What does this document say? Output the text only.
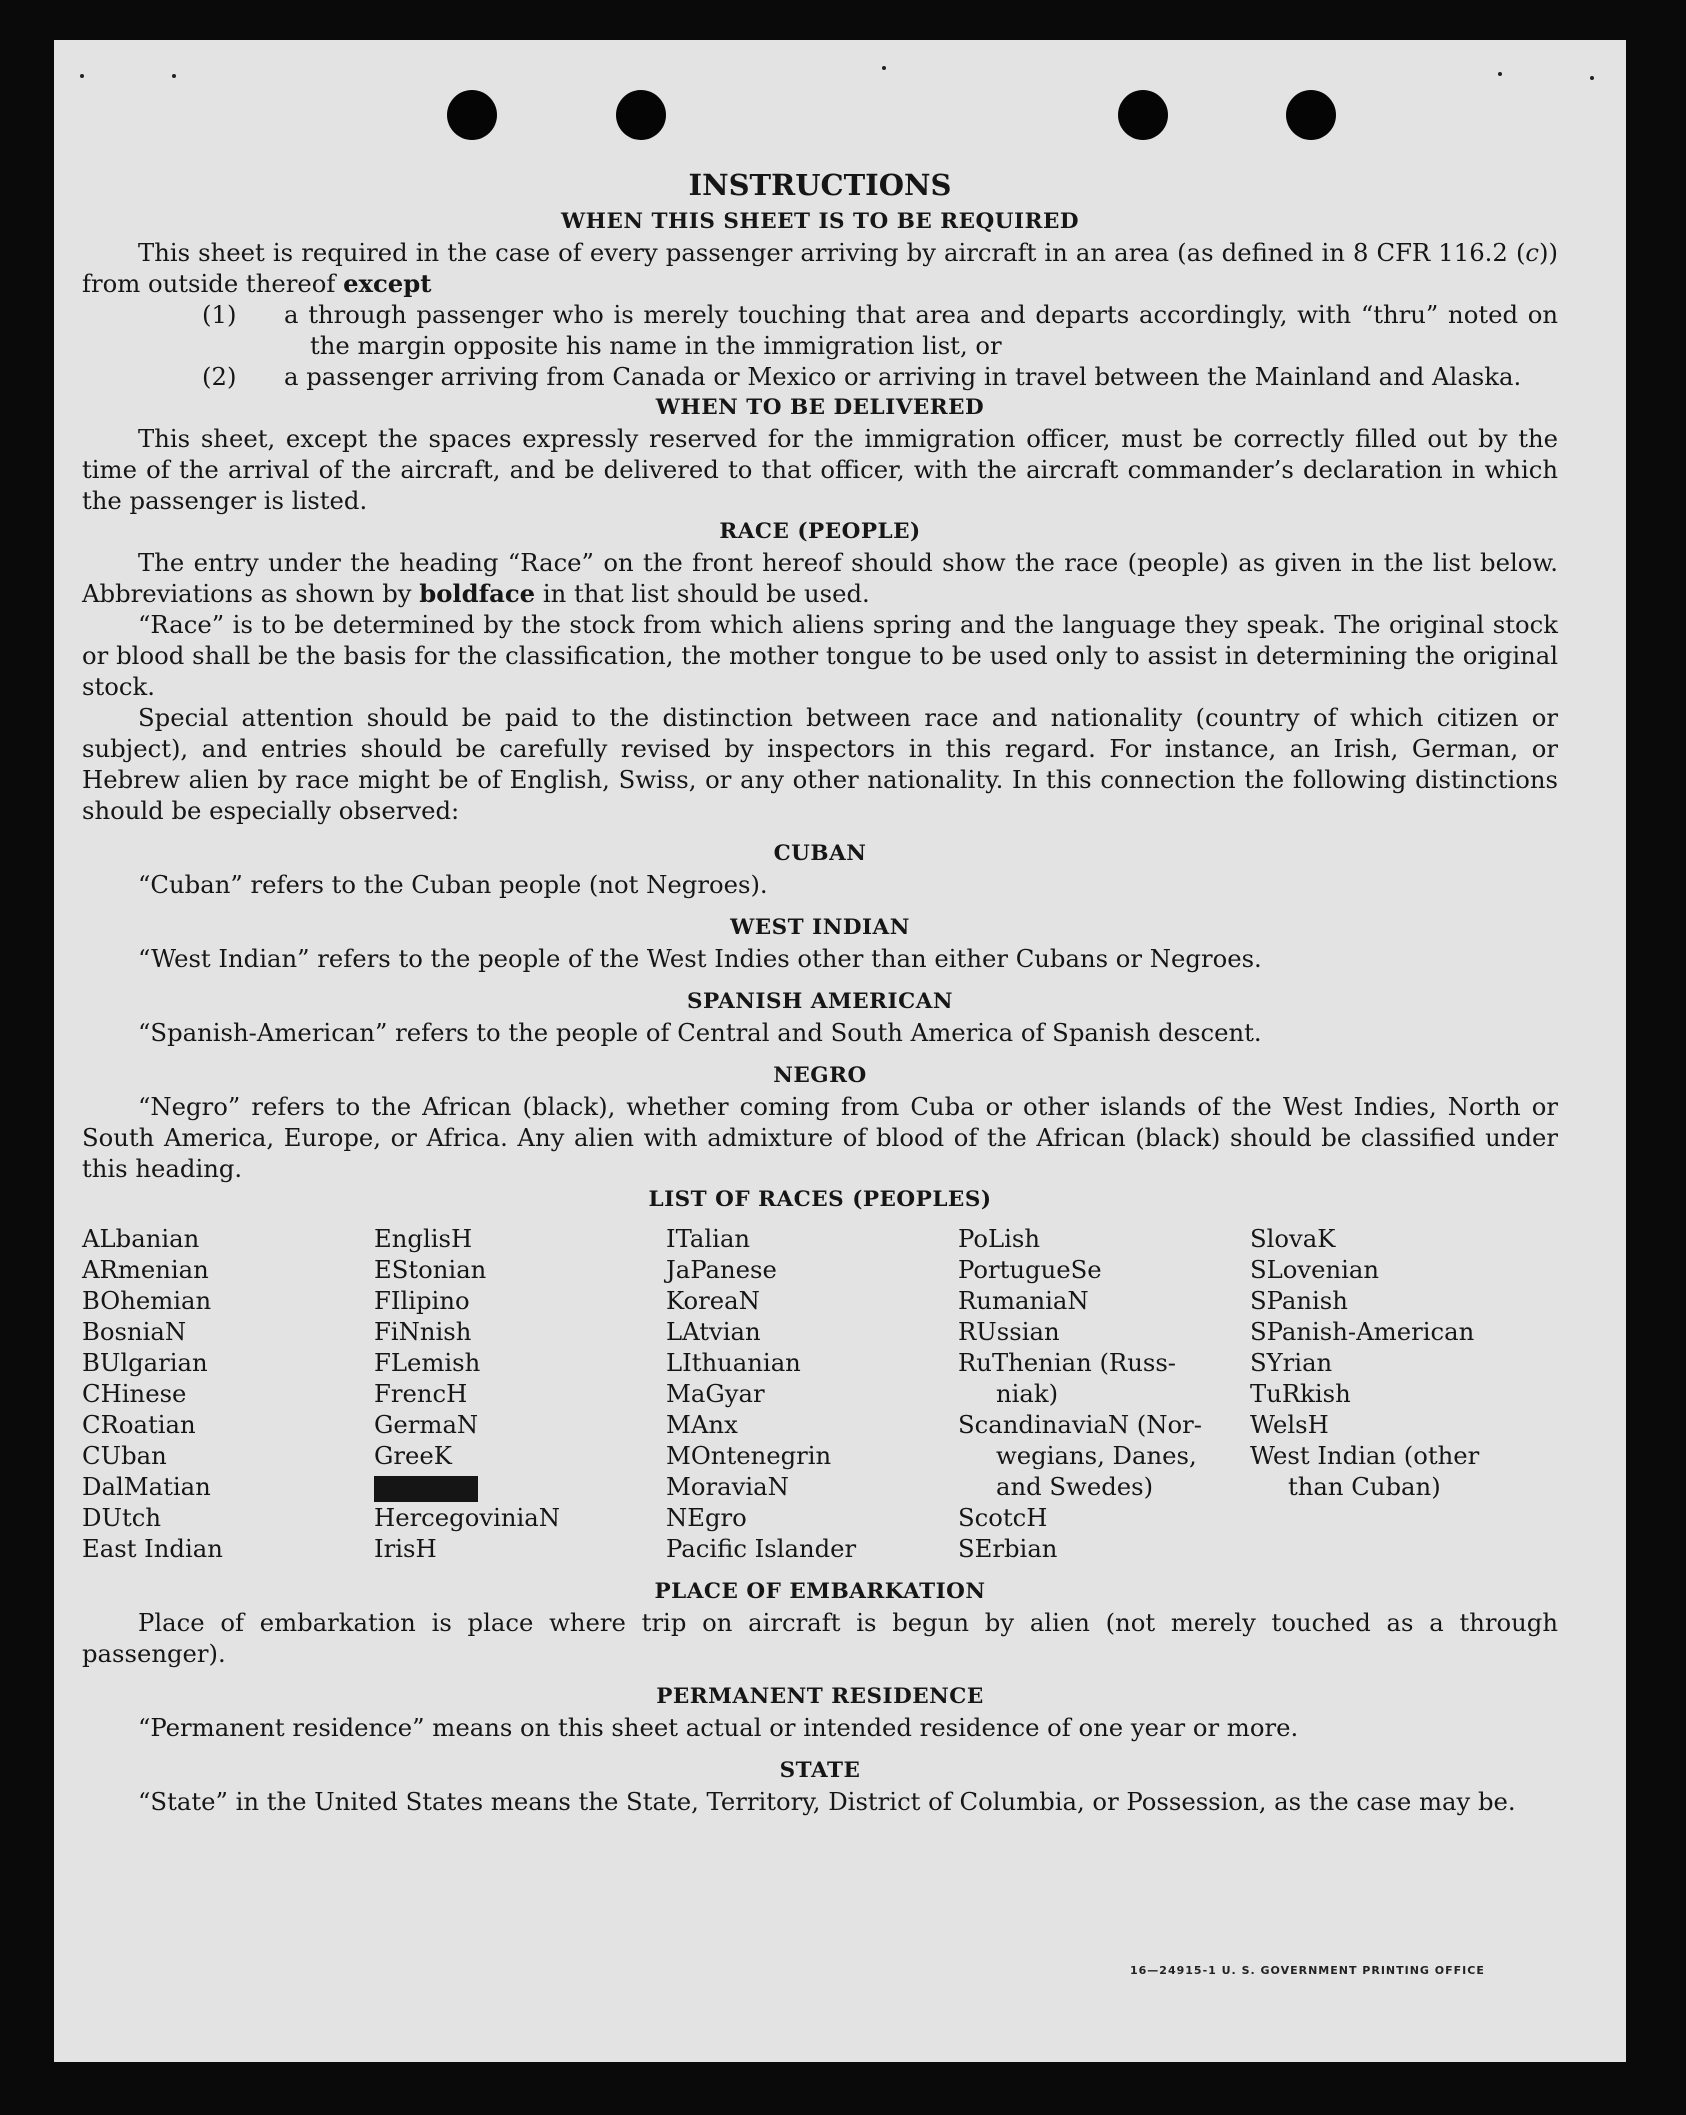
INSTRUCTIONS
WHEN THIS SHEET IS TO BE REQUIRED

This sheet is required in the case of every passenger arriving by aircraft in an area (as defined in 8 CFR 116.2 (c)) from outside thereof except

(1) a through passenger who is merely touching that area and departs accordingly, with “thru” noted on the margin opposite his name in the immigration list, or
(2) a passenger arriving from Canada or Mexico or arriving in travel between the Mainland and Alaska.
WHEN TO BE DELIVERED

This sheet, except the spaces expressly reserved for the immigration officer, must be correctly filled out by the time of the arrival of the aircraft, and be delivered to that officer, with the aircraft commander’s declaration in which the passenger is listed.

RACE (PEOPLE)

The entry under the heading “Race” on the front hereof should show the race (people) as given in the list below. Abbreviations as shown by boldface in that list should be used.

“Race” is to be determined by the stock from which aliens spring and the language they speak. The original stock or blood shall be the basis for the classification, the mother tongue to be used only to assist in determining the original stock.

Special attention should be paid to the distinction between race and nationality (country of which citizen or subject), and entries should be carefully revised by inspectors in this regard. For instance, an Irish, German, or Hebrew alien by race might be of English, Swiss, or any other nationality. In this connection the following distinctions should be especially observed:

CUBAN

“Cuban” refers to the Cuban people (not Negroes).

WEST INDIAN

“West Indian” refers to the people of the West Indies other than either Cubans or Negroes.

SPANISH AMERICAN

“Spanish-American” refers to the people of Central and South America of Spanish descent.

NEGRO

“Negro” refers to the African (black), whether coming from Cuba or other islands of the West Indies, North or South America, Europe, or Africa. Any alien with admixture of blood of the African (black) should be classified under this heading.

LIST OF RACES (PEOPLES)
ALbanian
ARmenian
BOhemian
BosniaN
BUlgarian
CHinese
CRoatian
CUban
DalMatian
DUtch
East Indian
EnglisH
EStonian
FIlipino
FiNnish
FLemish
FrencH
GermaN
GreeK
HercegoviniaN
IrisH
ITalian
JaPanese
KoreaN
LAtvian
LIthuanian
MaGyar
MAnx
MOntenegrin
MoraviaN
NEgro
Pacific Islander
PoLish
PortugueSe
RumaniaN
RUssian
RuThenian (Russ-
niak)
ScandinaviaN (Nor-
wegians, Danes,
and Swedes)
ScotcH
SErbian
SlovaK
SLovenian
SPanish
SPanish-American
SYrian
TuRkish
WelsH
West Indian (other
than Cuban)
PLACE OF EMBARKATION

Place of embarkation is place where trip on aircraft is begun by alien (not merely touched as a through passenger).

PERMANENT RESIDENCE

“Permanent residence” means on this sheet actual or intended residence of one year or more.

STATE

“State” in the United States means the State, Territory, District of Columbia, or Possession, as the case may be.

16—24915-1 U. S. GOVERNMENT PRINTING OFFICE
